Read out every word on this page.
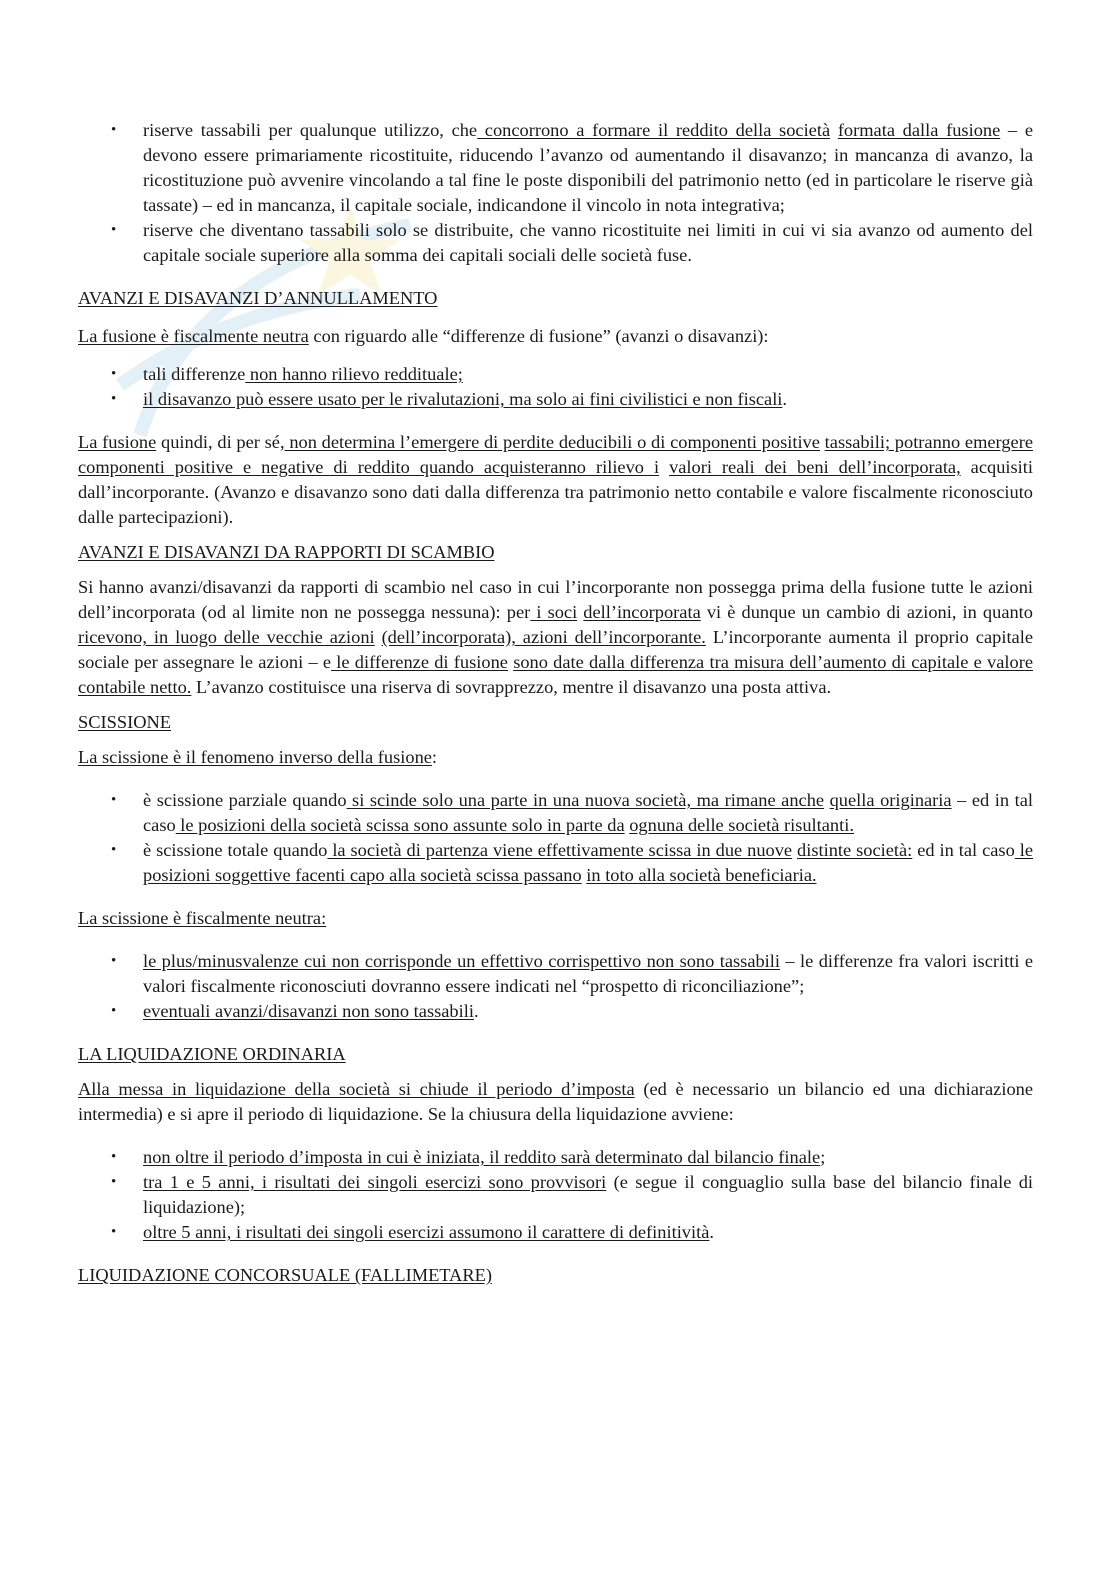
• riserve tassabili per qualunque utilizzo, che concorrono a formare il reddito della società formata dalla fusione – e devono essere primariamente ricostituite, riducendo l’avanzo od aumentando il disavanzo; in mancanza di avanzo, la ricostituzione può avvenire vincolando a tal fine le poste disponibili del patrimonio netto (ed in particolare le riserve già tassate) – ed in mancanza, il capitale sociale, indicandone il vincolo in nota integrativa;
• riserve che diventano tassabili solo se distribuite, che vanno ricostituite nei limiti in cui vi sia avanzo od aumento del capitale sociale superiore alla somma dei capitali sociali delle società fuse.
AVANZI E DISAVANZI D’ANNULLAMENTO

La fusione è fiscalmente neutra con riguardo alle “differenze di fusione” (avanzi o disavanzi):

• tali differenze non hanno rilievo reddituale;
• il disavanzo può essere usato per le rivalutazioni, ma solo ai fini civilistici e non fiscali.

La fusione quindi, di per sé, non determina l’emergere di perdite deducibili o di componenti positive tassabili; potranno emergere componenti positive e negative di reddito quando acquisteranno rilievo i valori reali dei beni dell’incorporata, acquisiti dall’incorporante. (Avanzo e disavanzo sono dati dalla differenza tra patrimonio netto contabile e valore fiscalmente riconosciuto dalle partecipazioni).

AVANZI E DISAVANZI DA RAPPORTI DI SCAMBIO

Si hanno avanzi/disavanzi da rapporti di scambio nel caso in cui l’incorporante non possegga prima della fusione tutte le azioni dell’incorporata (od al limite non ne possegga nessuna): per i soci dell’incorporata vi è dunque un cambio di azioni, in quanto ricevono, in luogo delle vecchie azioni (dell’incorporata), azioni dell’incorporante. L’incorporante aumenta il proprio capitale sociale per assegnare le azioni – e le differenze di fusione sono date dalla differenza tra misura dell’aumento di capitale e valore contabile netto. L’avanzo costituisce una riserva di sovrapprezzo, mentre il disavanzo una posta attiva.

SCISSIONE

La scissione è il fenomeno inverso della fusione:

• è scissione parziale quando si scinde solo una parte in una nuova società, ma rimane anche quella originaria – ed in tal caso le posizioni della società scissa sono assunte solo in parte da ognuna delle società risultanti.
• è scissione totale quando la società di partenza viene effettivamente scissa in due nuove distinte società: ed in tal caso le posizioni soggettive facenti capo alla società scissa passano in toto alla società beneficiaria.

La scissione è fiscalmente neutra:

• le plus/minusvalenze cui non corrisponde un effettivo corrispettivo non sono tassabili – le differenze fra valori iscritti e valori fiscalmente riconosciuti dovranno essere indicati nel “prospetto di riconciliazione”;
• eventuali avanzi/disavanzi non sono tassabili.
LA LIQUIDAZIONE ORDINARIA

Alla messa in liquidazione della società si chiude il periodo d’imposta (ed è necessario un bilancio ed una dichiarazione intermedia) e si apre il periodo di liquidazione. Se la chiusura della liquidazione avviene:

• non oltre il periodo d’imposta in cui è iniziata, il reddito sarà determinato dal bilancio finale;
• tra 1 e 5 anni, i risultati dei singoli esercizi sono provvisori (e segue il conguaglio sulla base del bilancio finale di liquidazione);
• oltre 5 anni, i risultati dei singoli esercizi assumono il carattere di definitività.
LIQUIDAZIONE CONCORSUALE (FALLIMETARE)
